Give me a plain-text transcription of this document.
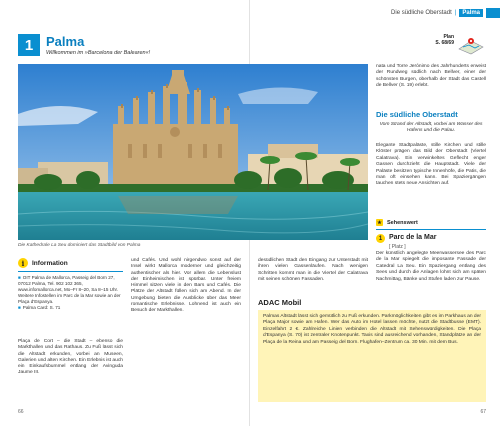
Die südliche Oberstadt |	Palma
1 Palma
Willkommen im »Barcelona der Balearen«!
Plan
S. 68/69
Die Kathedrale La Seu dominiert das Stadtbild von Palma
nata und Torre Jerónimo des Jahrhunderts erweist der Rundweg südlich nach Bellver, einer der schönsten Burgen, oberhalb der Stadt das Castell de Bellver (S. 19) erlebt.
Die südliche Oberstadt
Vom Strand der Altstadt, vorbei am Wasser des Hafens und die Palau.
Elegante Stadtpaläste, stille Kirchen und stille Klöster prägen das Bild der Oberstadt (Viertel Calatrava). Ein verwinkeltes Geflecht enger Gassen durchzieht die Hauptstadt. Viele der Paläste besitzen typische Innenhöfe, die Patis, die man oft einsehen kann. Bei Spaziergängen tauchen stets neue Ansichten auf.
★ Sehenswert
1 Parc de la Mar
[ Platz ]
Der künstlich angelegte Meerwassersee des Parc de la Mar spiegelt die imposante Fassade der Catedral La Seu. Ein Spaziergang entlang des Sees und durch die Anlagen lohnt sich am späten Nachmittag, Bänke und Stufen laden zur Pause.
i	Information
■ OIT Palma de Mallorca, Passeig del Born 27, 07012 Palma, Tel. 902 102 365, www.infomallorca.net, Mo–Fr 8–20, Sa 8–15 Uhr. Weitere Infostellen im Parc de la Mar sowie an der Plaça d'Espanya.
■ Palma Card: S. 71
Plaça de Cort – die Stadt – ebenso die Markthallen und das Rathaus. Zu Fuß lässt sich die Altstadt erkunden, vorbei an Museen, Galerien und alten Kirchen. Ein Erlebnis ist auch ein Einkaufsbummel entlang der Avinguda Jaume III.
und Cafés. Und wohl nirgendwo sonst auf der Insel wirkt Mallorca moderner und gleichzeitig authentischer als hier. Vor allem die Lebenslust der Einheimischen ist spürbar. Unter freiem Himmel sitzen viele in den Bars und Cafés. Die Plätze der Altstadt füllen sich am Abend. In der Umgebung bieten die Ausblicke über das Meer romantische Erlebnisse. Lohnend ist auch ein Besuch der Markthallen.
desüdlichen Stadt den Eingang zur Unterstadt mit ihren vielen Gassenläufen. Nach wenigen Schritten kommt man in die Viertel der Calatrava mit seinen schönen Fassaden.
ADAC Mobil
Palmas Altstadt lässt sich gemütlich zu Fuß erkunden. Parkmöglichkeiten gibt es im Parkhaus an der Plaça Major sowie am Hafen. Wer das Auto im Hotel lassen möchte, nutzt die Stadtbusse (EMT). Einzelfahrt 2 €. Zahlreiche Linien verbinden die Altstadt mit Sehenswürdigkeiten. Die Plaça d'Espanya (S. 70) ist zentraler Knotenpunkt. Taxis sind ausreichend vorhanden, Standplätze an der Plaça de la Reina und am Passeig del Born. Flughafen–Zentrum ca. 30 Min. mit dem Bus.
66	67
